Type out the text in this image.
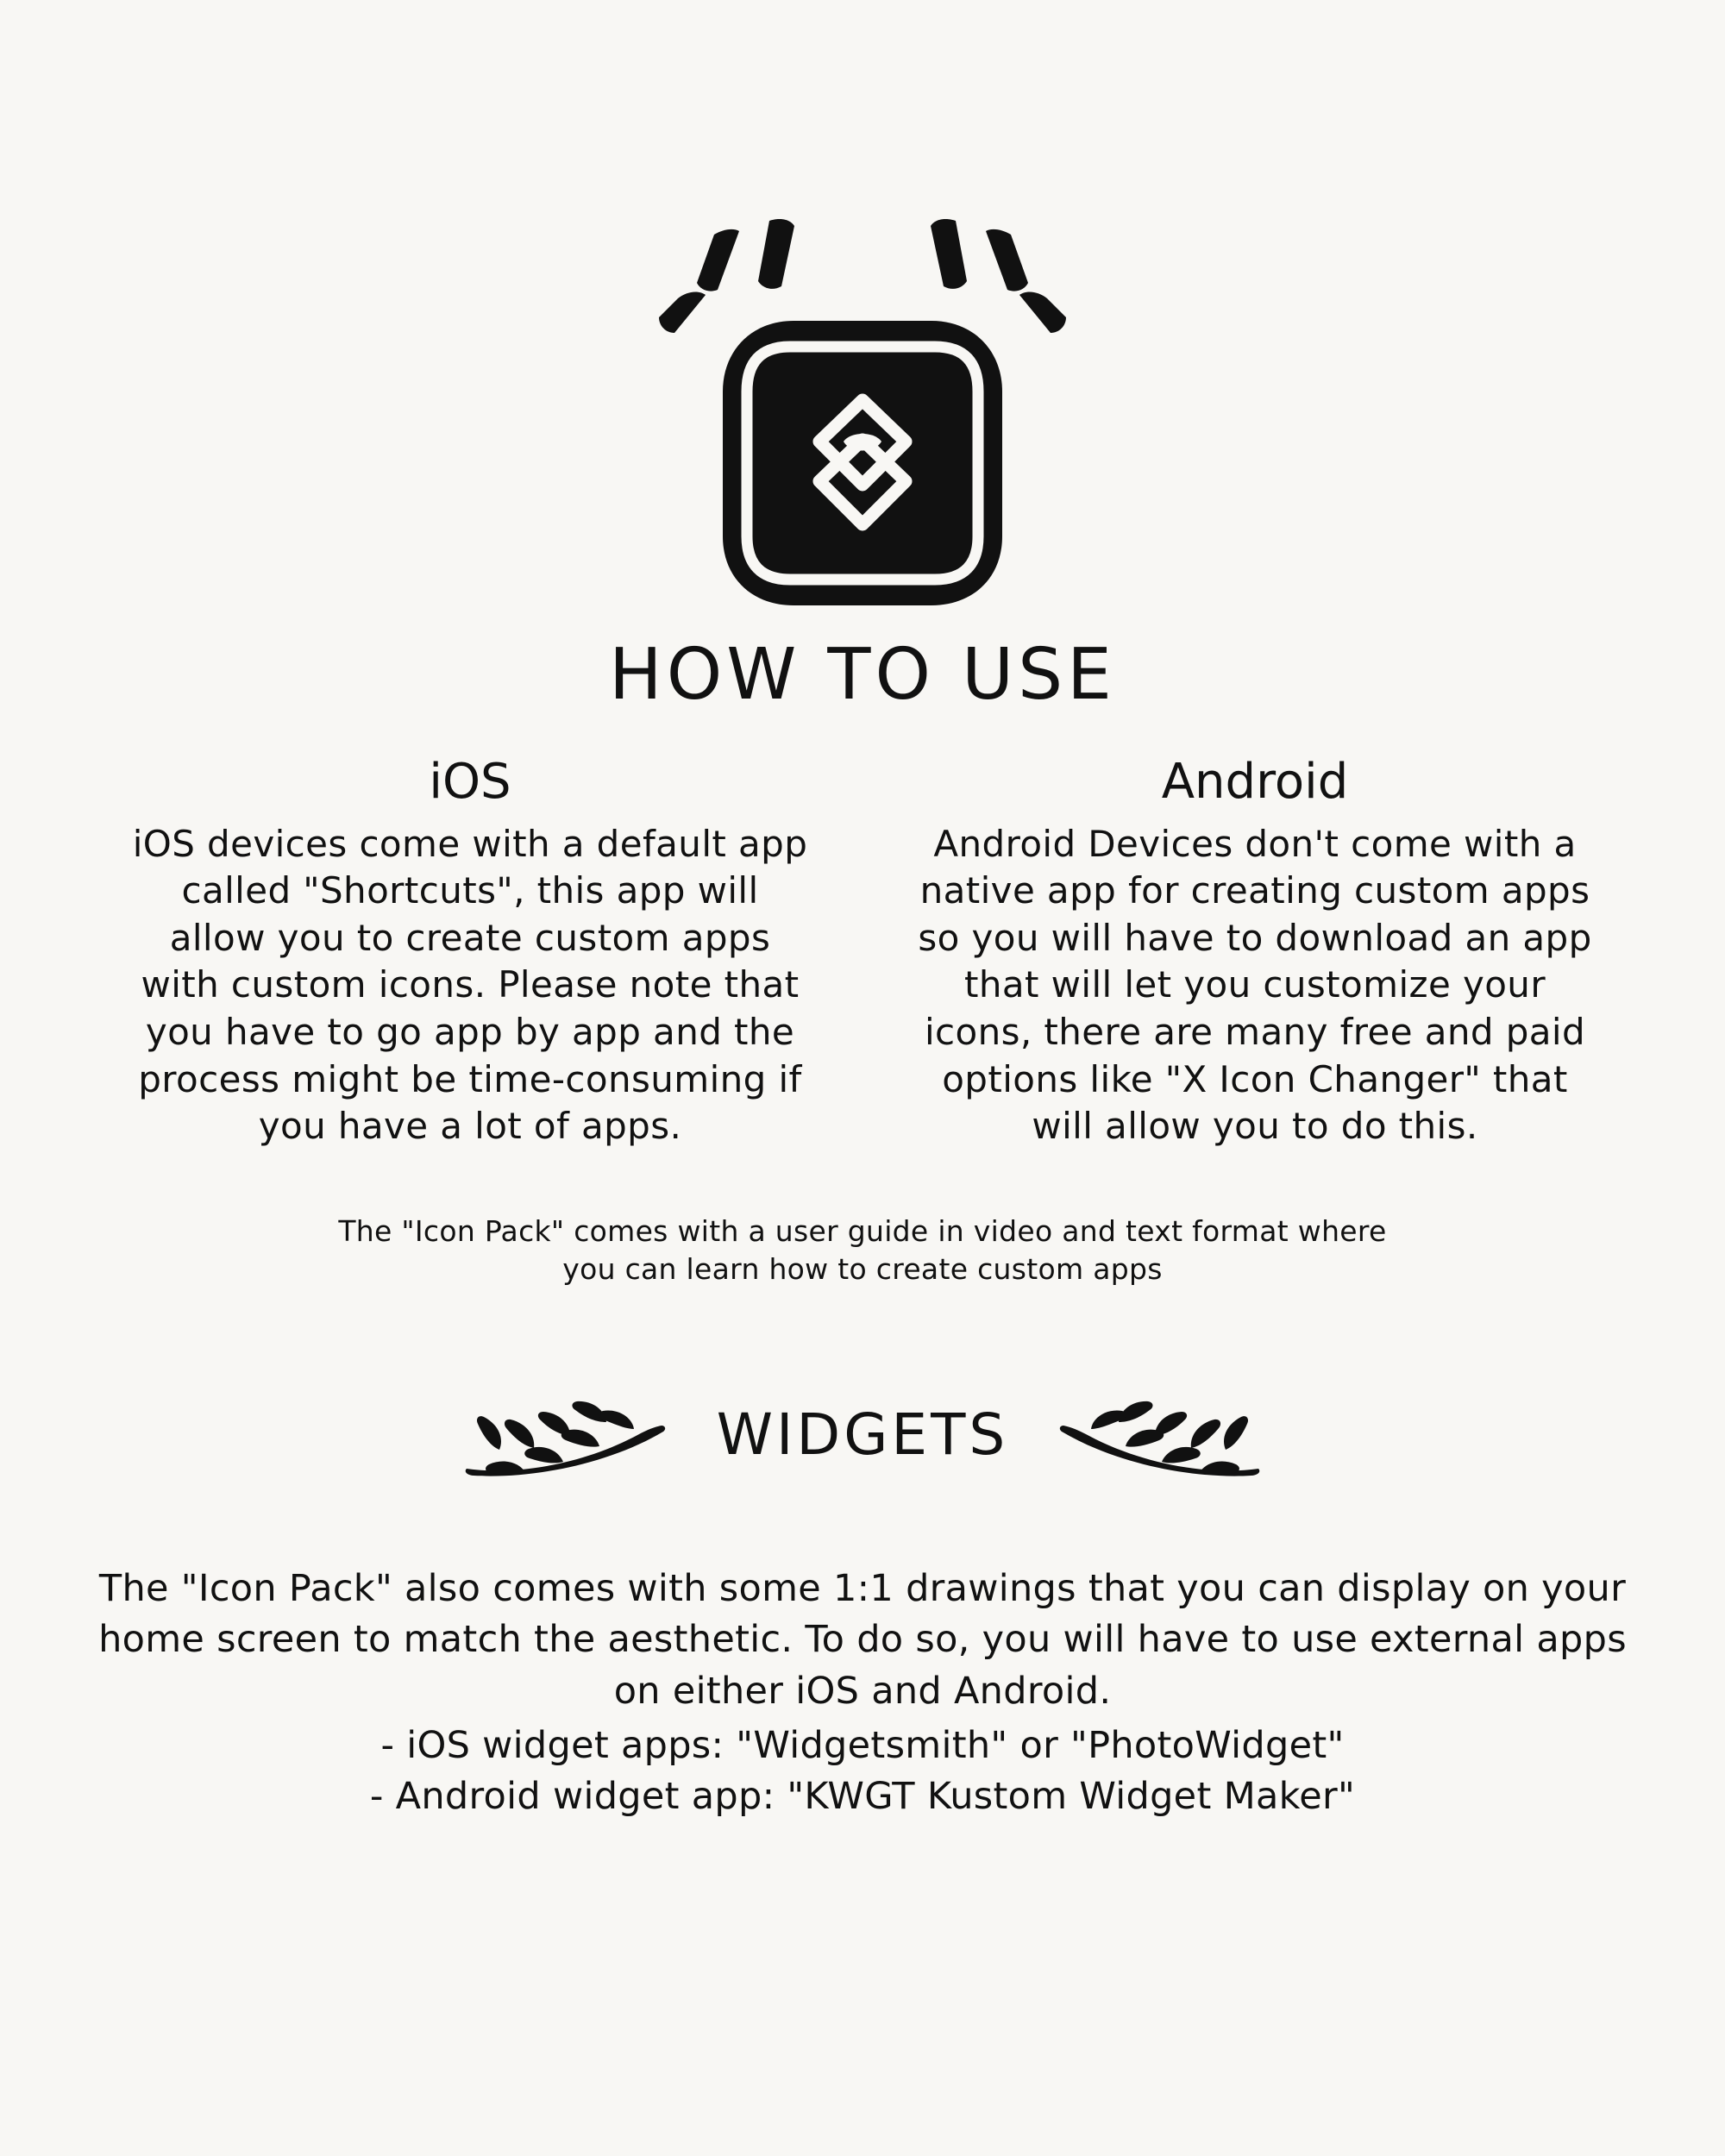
HOW TO USE
iOS
iOS devices come with a default app called "Shortcuts", this app will allow you to create custom apps with custom icons. Please note that you have to go app by app and the process might be time-consuming if you have a lot of apps.
Android
Android Devices don't come with a native app for creating custom apps so you will have to download an app that will let you customize your icons, there are many free and paid options like "X Icon Changer" that will allow you to do this.
The "Icon Pack" comes with a user guide in video and text format where
you can learn how to create custom apps
WIDGETS
The "Icon Pack" also comes with some 1:1 drawings that you can display on your home screen to match the aesthetic. To do so, you will have to use external apps on either iOS and Android.
- iOS widget apps: "Widgetsmith" or "PhotoWidget"
- Android widget app: "KWGT Kustom Widget Maker"
